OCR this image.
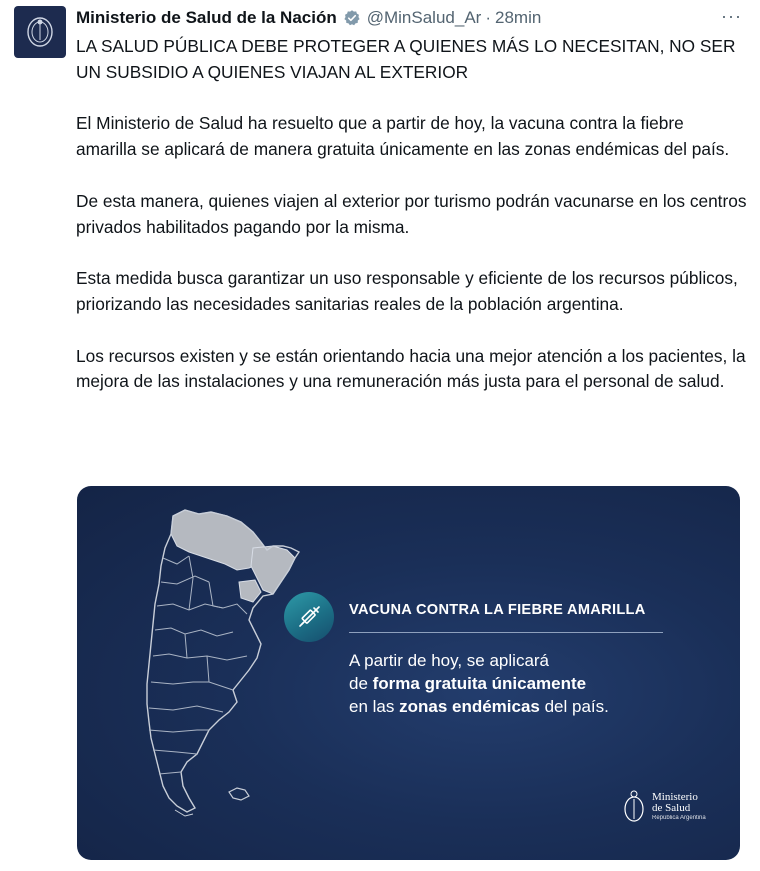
Ministerio de Salud de la Nación @MinSalud_Ar · 28min	···

LA SALUD PÚBLICA DEBE PROTEGER A QUIENES MÁS LO NECESITAN, NO SER UN SUBSIDIO A QUIENES VIAJAN AL EXTERIOR

El Ministerio de Salud ha resuelto que a partir de hoy, la vacuna contra la fiebre amarilla se aplicará de manera gratuita únicamente en las zonas endémicas del país.

De esta manera, quienes viajen al exterior por turismo podrán vacunarse en los centros privados habilitados pagando por la misma.

Esta medida busca garantizar un uso responsable y eficiente de los recursos públicos, priorizando las necesidades sanitarias reales de la población argentina.

Los recursos existen y se están orientando hacia una mejor atención a los pacientes, la mejora de las instalaciones y una remuneración más justa para el personal de salud.

VACUNA CONTRA LA FIEBRE AMARILLA
A partir de hoy, se aplicará
de forma gratuita únicamente
en las zonas endémicas del país.
Ministerio
de Salud
República Argentina
